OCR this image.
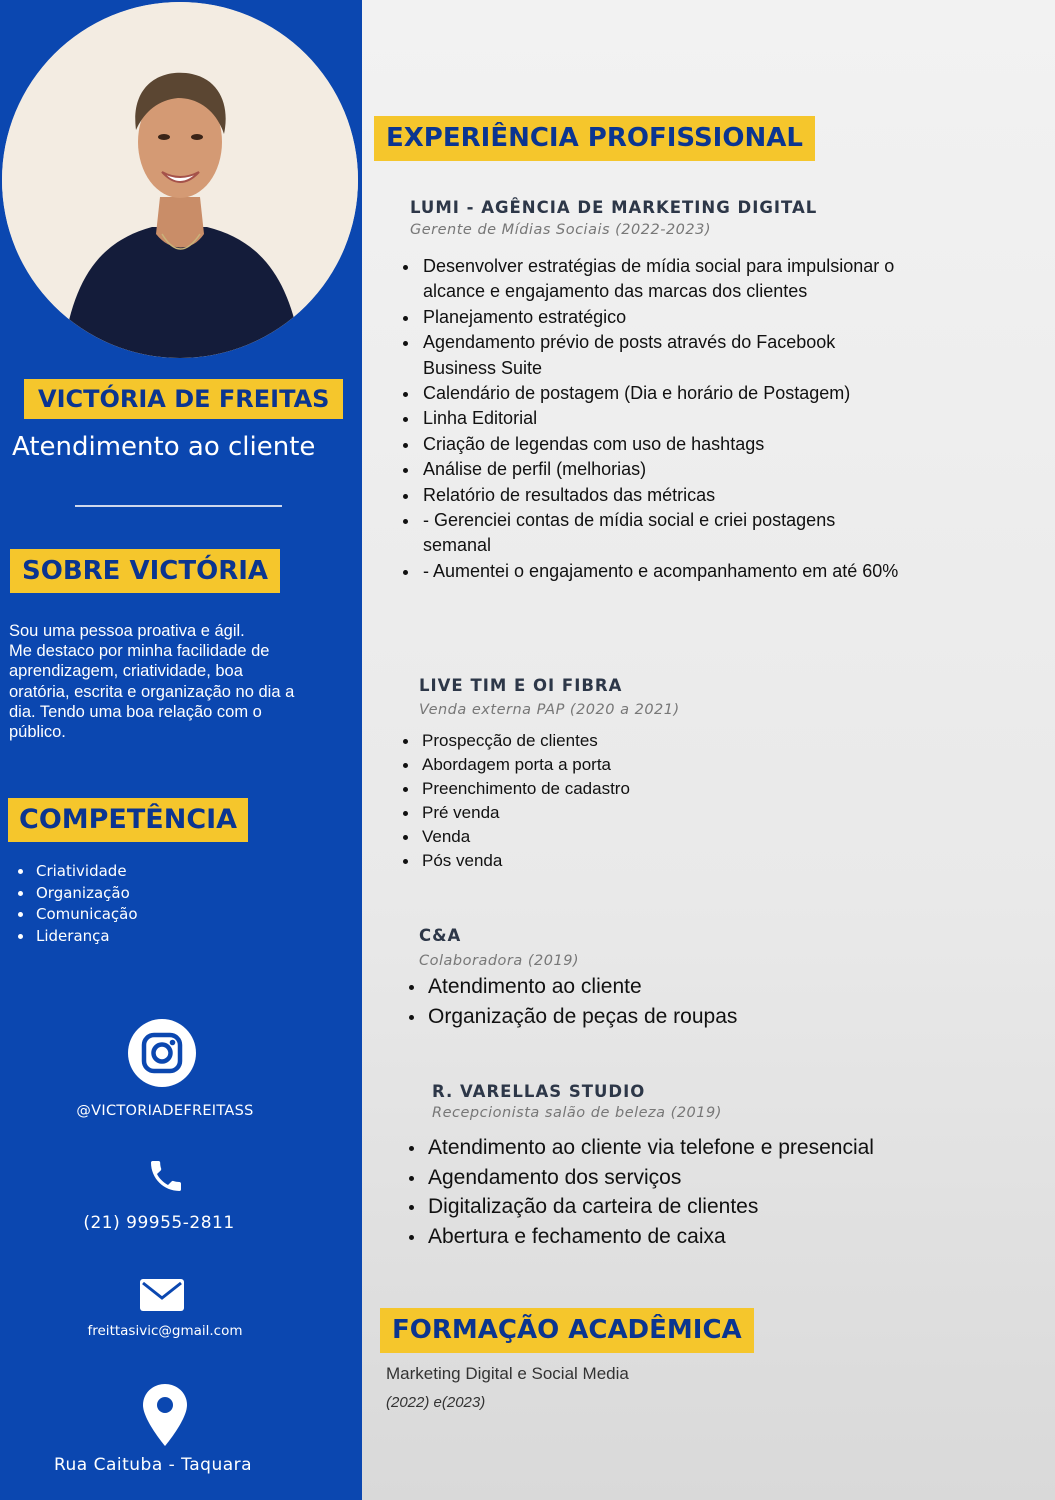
VICTÓRIA DE FREITAS
Atendimento ao cliente
SOBRE VICTÓRIA
Sou uma pessoa proativa e ágil.
Me destaco por minha facilidade de
aprendizagem, criatividade, boa
oratória, escrita e organização no dia a
dia. Tendo uma boa relação com o
público.
COMPETÊNCIA
Criatividade
Organização
Comunicação
Liderança
@VICTORIADEFREITASS
(21) 99955-2811
freittasivic@gmail.com
Rua Caituba - Taquara
EXPERIÊNCIA PROFISSIONAL
LUMI - AGÊNCIA DE MARKETING DIGITAL
Gerente de Mídias Sociais (2022-2023)
Desenvolver estratégias de mídia social para impulsionar o alcance e engajamento das marcas dos clientes
Planejamento estratégico
Agendamento prévio de posts através do Facebook Business Suite
Calendário de postagem (Dia e horário de Postagem)
Linha Editorial
Criação de legendas com uso de hashtags
Análise de perfil (melhorias)
Relatório de resultados das métricas
- Gerenciei contas de mídia social e criei postagens semanal
- Aumentei o engajamento e acompanhamento em até 60%
LIVE TIM E OI FIBRA
Venda externa PAP (2020 a 2021)
Prospecção de clientes
Abordagem porta a porta
Preenchimento de cadastro
Pré venda
Venda
Pós venda
C&A
Colaboradora (2019)
Atendimento ao cliente
Organização de peças de roupas
R. VARELLAS STUDIO
Recepcionista salão de beleza (2019)
Atendimento ao cliente via telefone e presencial
Agendamento dos serviços
Digitalização da carteira de clientes
Abertura e fechamento de caixa
FORMAÇÃO ACADÊMICA
Marketing Digital e Social Media
(2022) e(2023)
